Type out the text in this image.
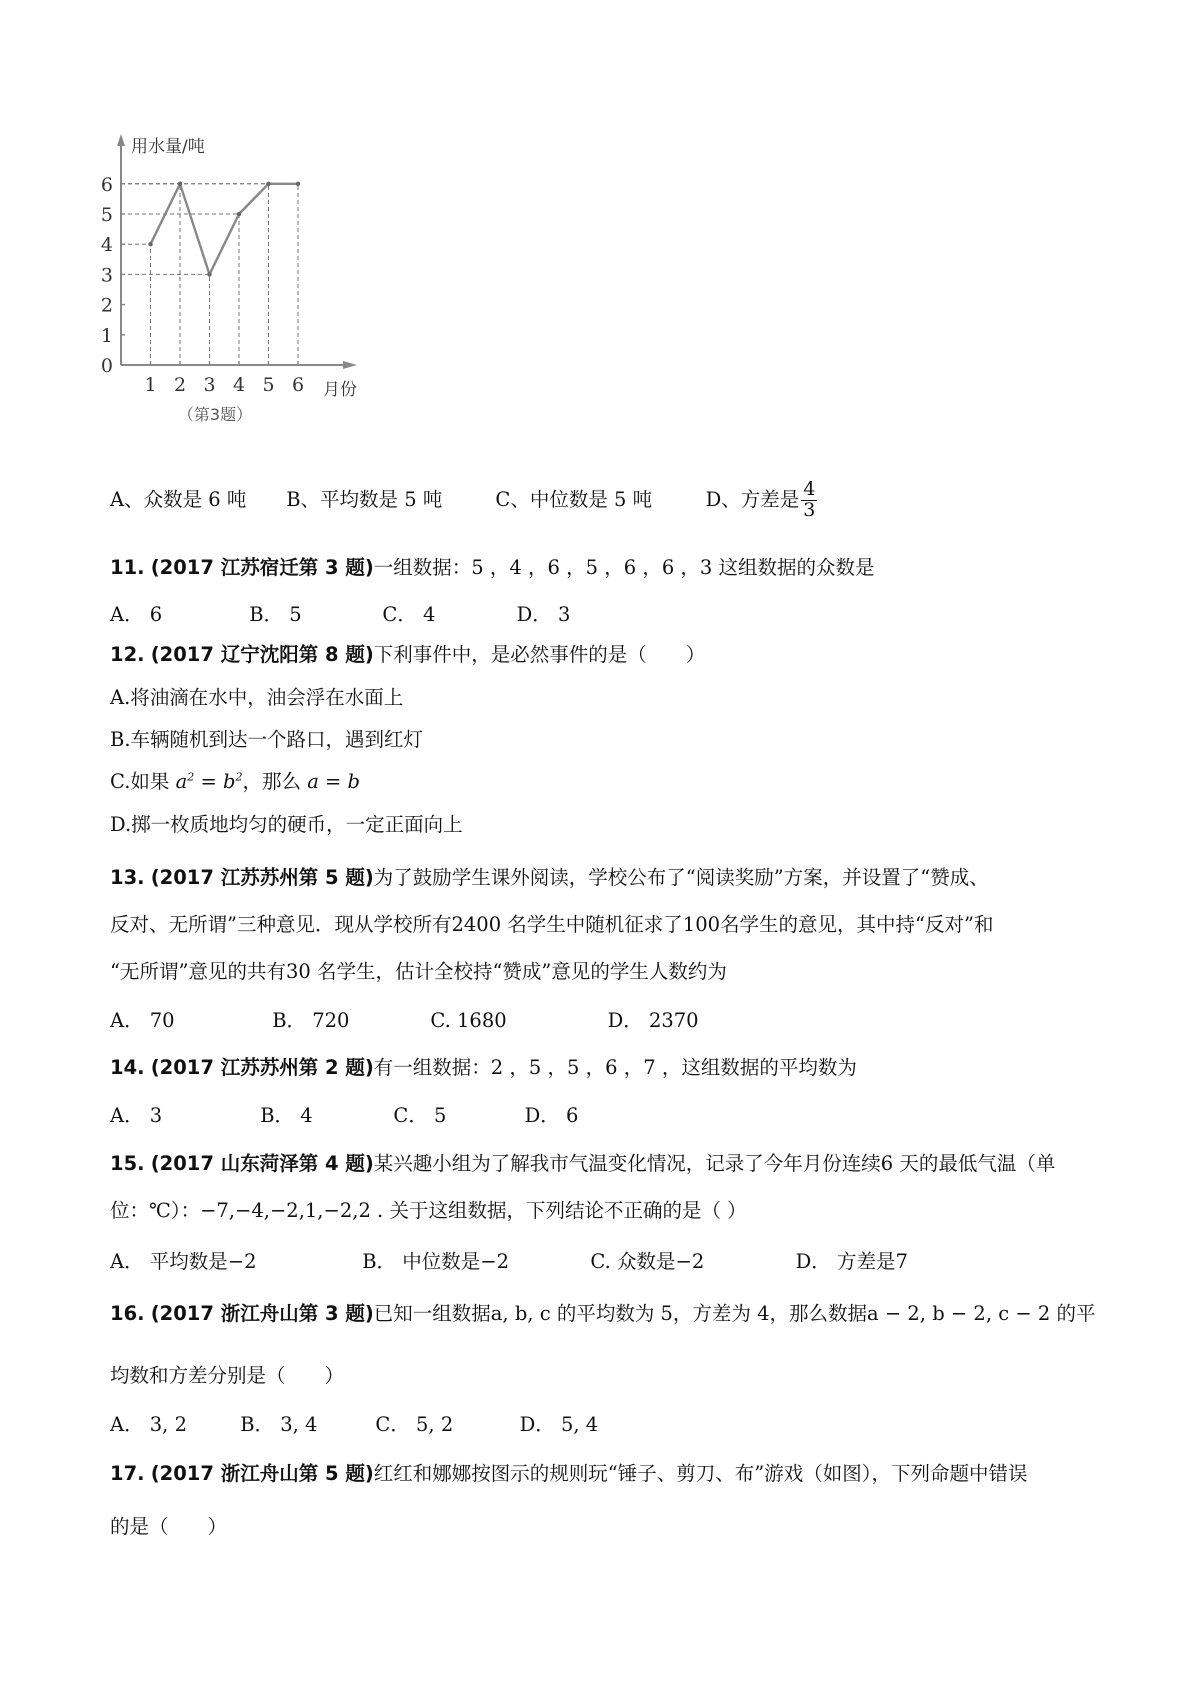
0
1
2
3
4
5
6
1 2 3 4 5 6
用水量/吨
月份
（第3题）
A、众数是 6 吨 B、平均数是 5 吨	C、中位数是 5 吨	D、方差是 $\frac{4}{3}$
11. (2017 江苏宿迁第 3 题)一组数据：5 ，4 ，6 ，5 ，6 ，6 ，3 这组数据的众数是
A． 6	B． 5	C． 4	D． 3
12. (2017 辽宁沈阳第 8 题)下利事件中，是必然事件的是（　　）
A.将油滴在水中，油会浮在水面上
B.车辆随机到达一个路口，遇到红灯
C.如果 $a^2 = b^2$，那么 a = b
D.掷一枚质地均匀的硬币，一定正面向上
13. (2017 江苏苏州第 5 题)为了鼓励学生课外阅读，学校公布了“阅读奖励”方案，并设置了“赞成、
反对、无所谓”三种意见．现从学校所有2400 名学生中随机征求了100名学生的意见，其中持“反对”和
“无所谓”意见的共有30 名学生，估计全校持“赞成”意见的学生人数约为
A． 70	B． 720	C. 1680	D． 2370
14. (2017 江苏苏州第 2 题)有一组数据：2 ，5 ，5 ，6 ，7 ，这组数据的平均数为
A． 3	B． 4	C． 5	D． 6
15. (2017 山东菏泽第 4 题)某兴趣小组为了解我市气温变化情况，记录了今年月份连续6 天的最低气温（单
位：℃）：−7,−4,−2,1,−2,2 . 关于这组数据，下列结论不正确的是（ ）
A． 平均数是−2	B． 中位数是−2	C. 众数是−2	D． 方差是7
16. (2017 浙江舟山第 3 题)已知一组数据a, b, c 的平均数为 5，方差为 4，那么数据a − 2, b − 2, c − 2 的平
均数和方差分别是（　　）
A． 3, 2	B． 3, 4	C． 5, 2	D． 5, 4
17. (2017 浙江舟山第 5 题)红红和娜娜按图示的规则玩“锤子、剪刀、布”游戏（如图），下列命题中错误
的是（　　）
